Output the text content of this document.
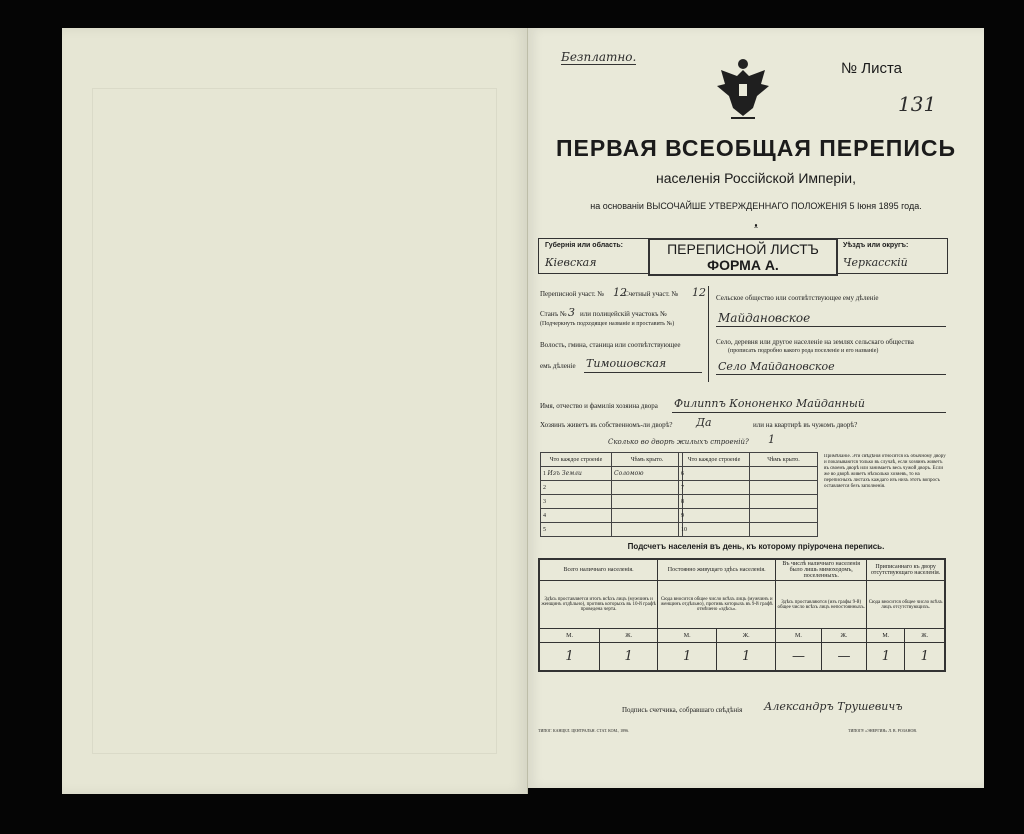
Безплатно.
№ Листа
131
ПЕРВАЯ ВСЕОБЩАЯ ПЕРЕПИСЬ
населенія Россійской Имперіи,
на основаніи ВЫСОЧАЙШЕ УТВЕРЖДЕННАГО ПОЛОЖЕНІЯ 5 Іюня 1895 года.
ᴥ
Губернія или область:
Кіевская
ПЕРЕПИСНОЙ ЛИСТЪ
ФОРМА А.
Уѣздъ или округъ:
Черкасскій
Переписной участ. № 12
Счетный участ. № 12
Станъ № 3 или полицейскій участокъ №
(Подчеркнуть подходящее названіе и проставить №)
Волость, гмина, станица или соотвѣтствующее
емъ дѣленіе Тимошовская
Сельское общество или соотвѣтствующее ему дѣленіе
Майдановское
Село, деревня или другое населеніе на землях сельскаго общества
(прописать подробно какого рода поселеніе и его названіе)
Село Майдановское
Имя, отчество и фамилія хозяина двора Филиппъ Кононенко Майданный
Хозяинъ живетъ въ собственномъ-ли дворѣ? Да	или на квартирѣ въ чужомъ дворѣ?
Сколько во дворѣ жилыхъ строеній? 1
Что каждое строеніе	Чѣмъ крыто.
1 Изъ Земли	Соломою
2	
3	
4	
5	
Что каждое строеніе	Чѣмъ крыто.
6	
7	
8	
9	
10	
Примѣчаніе. Эти свѣдѣнія относятся къ обычному двору и показываются только въ случаѣ, если хозяинъ живетъ въ своемъ дворѣ или занимаетъ весь чужой дворъ. Если же во дворѣ живетъ нѣсколько хозяевъ, то на переписныхъ листахъ каждаго изъ нихъ этотъ вопросъ оставляется безъ заполненія.
Подсчетъ населенія въ день, къ которому пріурочена перепись.
Всего наличнаго населенія.		Постоянно живущаго здѣсь населенія.		Въ числѣ наличнаго населенія было лишь мимоходомъ, поселенныхъ.		Приписаннаго къ двору отсутствующаго населенія.	
Здѣсь проставляется итогъ всѣхъ лицъ (мужчинъ и женщинъ отдѣльно), противъ которыхъ въ 10-й графѣ проведена черта.		Сюда вносится общее число всѣхъ лицъ (мужчинъ и женщинъ отдѣльно), противъ которыхъ въ 9-й графѣ отмѣчено «здѣсь».		Здѣсь проставляются (изъ графы 9-й) общее число всѣхъ лицъ непостоянныхъ.		Сюда вносится общее число всѣхъ лицъ отсутствующихъ.	
М.	Ж.	М.	Ж.	М.	Ж.	М.	Ж.
1	1	1	1	—	—	1	1
Подпись счетчика, собравшаго свѣдѣнія Александръ Трушевичъ
ТИПОГ. КАНЦЕЛ. ЦЕНТРАЛЬН. СТАТ. КОМ., 1896.	ТИПОГР. «ЭНЕРГИЯ» Л. В. РОЗАНОВ.
